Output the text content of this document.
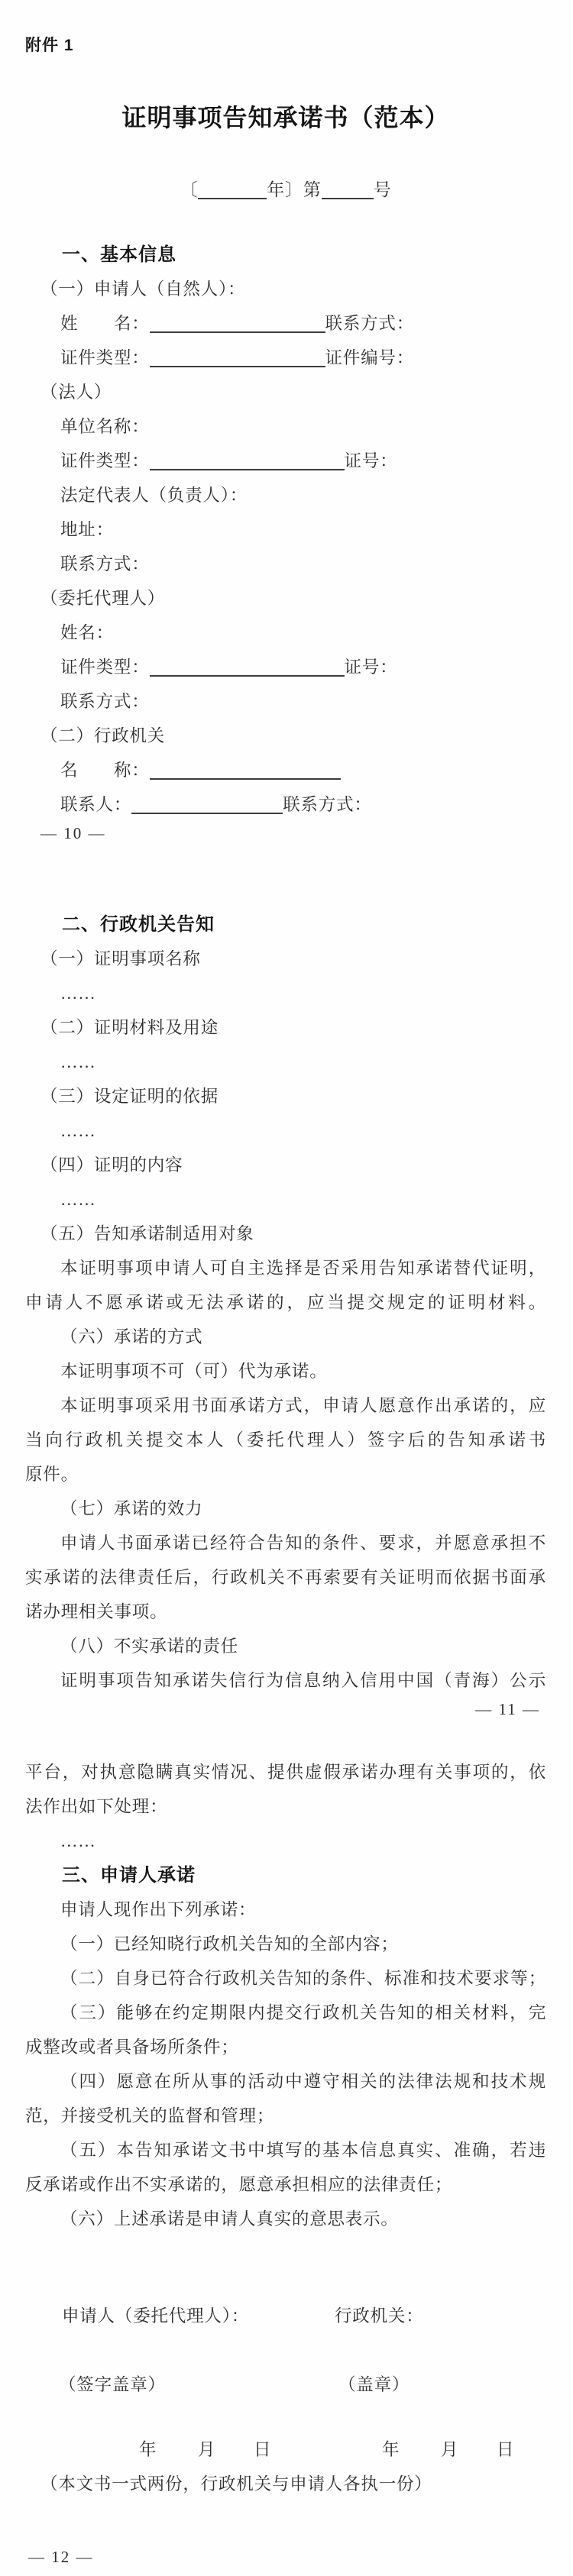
附件 1
证明事项告知承诺书（范本）
〔	年〕第	号
一、基本信息
（一）申请人（自然人）：
姓　　名：	联系方式：
证件类型：	证件编号：
（法人）
单位名称：
证件类型：	证号：
法定代表人（负责人）：
地址：
联系方式：
（委托代理人）
姓名：
证件类型：	证号：
联系方式：
（二）行政机关
名　　称：
联系人：	联系方式：
— 10 —
二、行政机关告知
（一）证明事项名称
……
（二）证明材料及用途
……
（三）设定证明的依据
……
（四）证明的内容
……
（五）告知承诺制适用对象
本证明事项申请人可自主选择是否采用告知承诺替代证明，
申请人不愿承诺或无法承诺的，应当提交规定的证明材料。
（六）承诺的方式
本证明事项不可（可）代为承诺。
本证明事项采用书面承诺方式，申请人愿意作出承诺的，应
当向行政机关提交本人（委托代理人）签字后的告知承诺书
原件。
（七）承诺的效力
申请人书面承诺已经符合告知的条件、要求，并愿意承担不
实承诺的法律责任后，行政机关不再索要有关证明而依据书面承
诺办理相关事项。
（八）不实承诺的责任
证明事项告知承诺失信行为信息纳入信用中国（青海）公示
— 11 —
平台，对执意隐瞒真实情况、提供虚假承诺办理有关事项的，依
法作出如下处理：
……
三、申请人承诺
申请人现作出下列承诺：
（一）已经知晓行政机关告知的全部内容；
（二）自身已符合行政机关告知的条件、标准和技术要求等；
（三）能够在约定期限内提交行政机关告知的相关材料，完
成整改或者具备场所条件；
（四）愿意在所从事的活动中遵守相关的法律法规和技术规
范，并接受机关的监督和管理；
（五）本告知承诺文书中填写的基本信息真实、准确，若违
反承诺或作出不实承诺的，愿意承担相应的法律责任；
（六）上述承诺是申请人真实的意思表示。
申请人（委托代理人）：	行政机关：
（签字盖章）	（盖章）
年 月 日	年 月 日
（本文书一式两份，行政机关与申请人各执一份）
— 12 —
